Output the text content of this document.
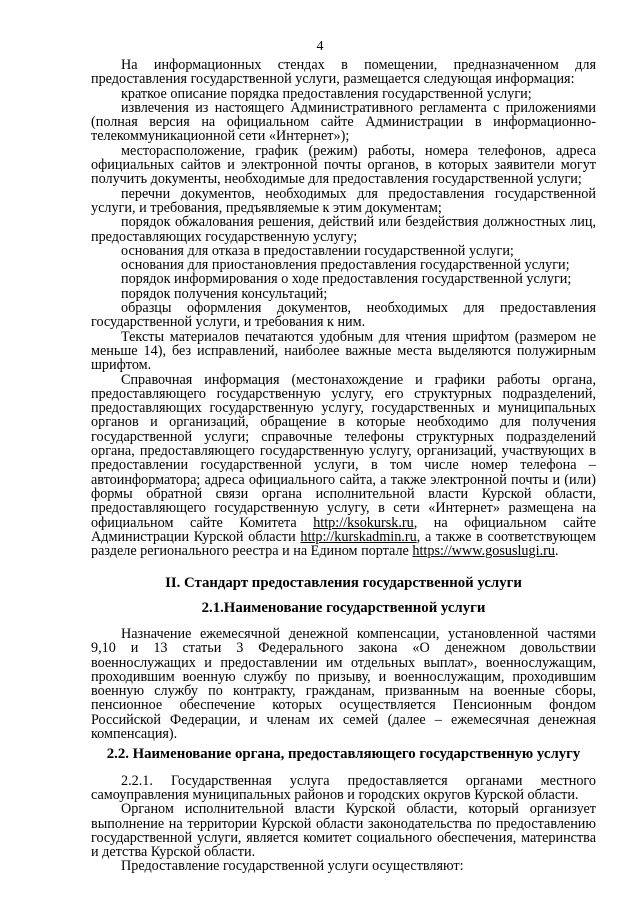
4

На информационных стендах в помещении, предназначенном для предоставления государственной услуги, размещается следующая информация:

краткое описание порядка предоставления государственной услуги;

извлечения из настоящего Административного регламента с приложениями (полная версия на официальном сайте Администрации в информационно-телекоммуникационной сети «Интернет»);

месторасположение, график (режим) работы, номера телефонов, адреса официальных сайтов и электронной почты органов, в которых заявители могут получить документы, необходимые для предоставления государственной услуги;

перечни документов, необходимых для предоставления государственной услуги, и требования, предъявляемые к этим документам;

порядок обжалования решения, действий или бездействия должностных лиц, предоставляющих государственную услугу;

основания для отказа в предоставлении государственной услуги;

основания для приостановления предоставления государственной услуги;

порядок информирования о ходе предоставления государственной услуги;

порядок получения консультаций;

образцы оформления документов, необходимых для предоставления государственной услуги, и требования к ним.

Тексты материалов печатаются удобным для чтения шрифтом (размером не меньше 14), без исправлений, наиболее важные места выделяются полужирным шрифтом.

Справочная информация (местонахождение и графики работы органа, предоставляющего государственную услугу, его структурных подразделений, предоставляющих государственную услугу, государственных и муниципальных органов и организаций, обращение в которые необходимо для получения государственной услуги; справочные телефоны структурных подразделений органа, предоставляющего государственную услугу, организаций, участвующих в предоставлении государственной услуги, в том числе номер телефона – автоинформатора; адреса официального сайта, а также электронной почты и (или) формы обратной связи органа исполнительной власти Курской области, предоставляющего государственную услугу, в сети «Интернет» размещена на официальном сайте Комитета http://ksokursk.ru, на официальном сайте Администрации Курской области http://kurskadmin.ru, а также в соответствующем разделе регионального реестра и на Едином портале https://www.gosuslugi.ru.

II. Стандарт предоставления государственной услуги

2.1.Наименование государственной услуги

Назначение ежемесячной денежной компенсации, установленной частями 9,10 и 13 статьи 3 Федерального закона «О денежном довольствии военнослужащих и предоставлении им отдельных выплат», военнослужащим, проходившим военную службу по призыву, и военнослужащим, проходившим военную службу по контракту, гражданам, призванным на военные сборы, пенсионное обеспечение которых осуществляется Пенсионным фондом Российской Федерации, и членам их семей (далее – ежемесячная денежная компенсация).

2.2. Наименование органа, предоставляющего государственную услугу

2.2.1. Государственная услуга предоставляется органами местного самоуправления муниципальных районов и городских округов Курской области.

Органом исполнительной власти Курской области, который организует выполнение на территории Курской области законодательства по предоставлению государственной услуги, является комитет социального обеспечения, материнства и детства Курской области.

Предоставление государственной услуги осуществляют:
